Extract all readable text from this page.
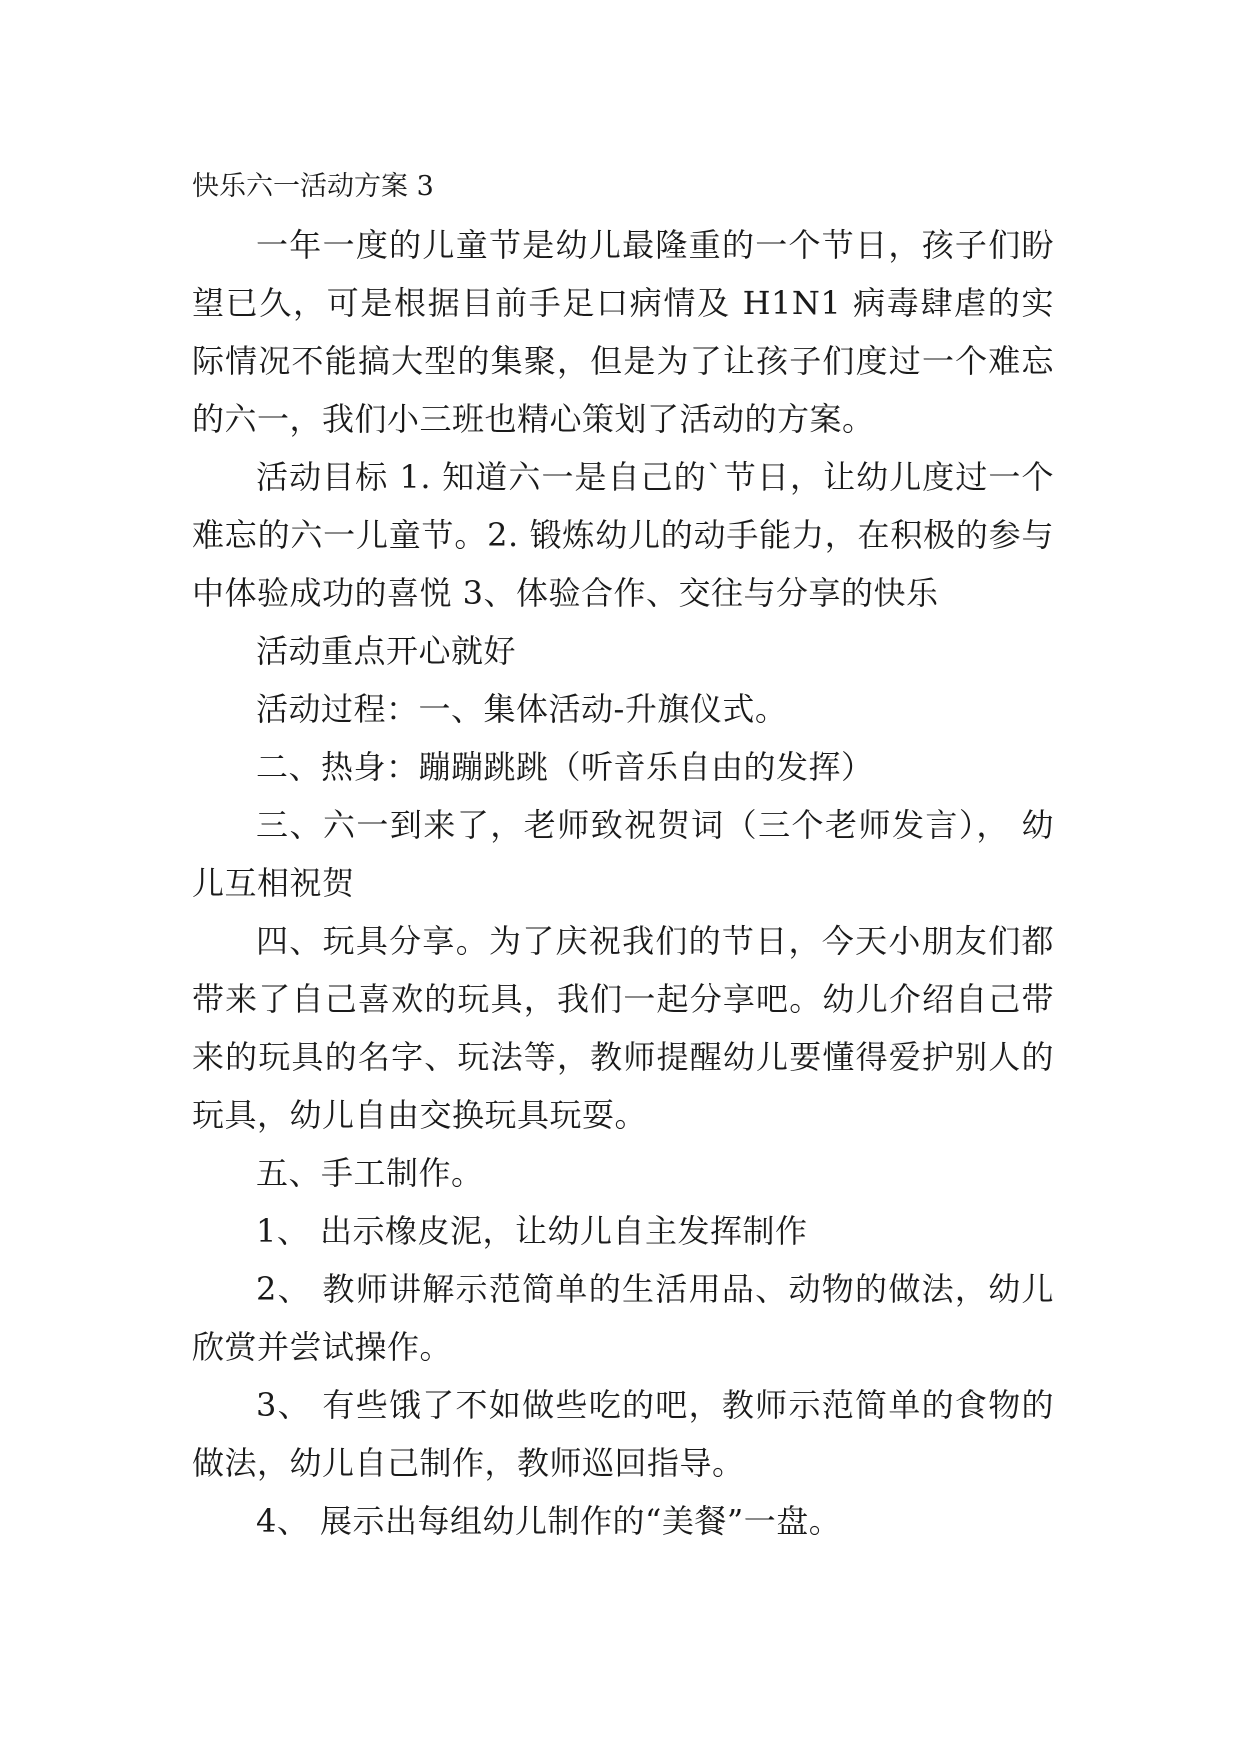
快乐六一活动方案 3

一年一度的儿童节是幼儿最隆重的一个节日，孩子们盼望已久，可是根据目前手足口病情及 H1N1 病毒肆虐的实际情况不能搞大型的集聚，但是为了让孩子们度过一个难忘的六一，我们小三班也精心策划了活动的方案。

活动目标 1. 知道六一是自己的`节日，让幼儿度过一个难忘的六一儿童节。2. 锻炼幼儿的动手能力，在积极的参与中体验成功的喜悦 3、体验合作、交往与分享的快乐

活动重点开心就好

活动过程：一、集体活动-升旗仪式。

二、热身：蹦蹦跳跳（听音乐自由的发挥）

三、六一到来了，老师致祝贺词（三个老师发言）， 幼儿互相祝贺

四、玩具分享。为了庆祝我们的节日，今天小朋友们都带来了自己喜欢的玩具，我们一起分享吧。幼儿介绍自己带来的玩具的名字、玩法等，教师提醒幼儿要懂得爱护别人的玩具，幼儿自由交换玩具玩耍。

五、手工制作。

1、 出示橡皮泥，让幼儿自主发挥制作

2、 教师讲解示范简单的生活用品、动物的做法，幼儿欣赏并尝试操作。

3、 有些饿了不如做些吃的吧，教师示范简单的食物的做法，幼儿自己制作，教师巡回指导。

4、 展示出每组幼儿制作的“美餐”一盘。
